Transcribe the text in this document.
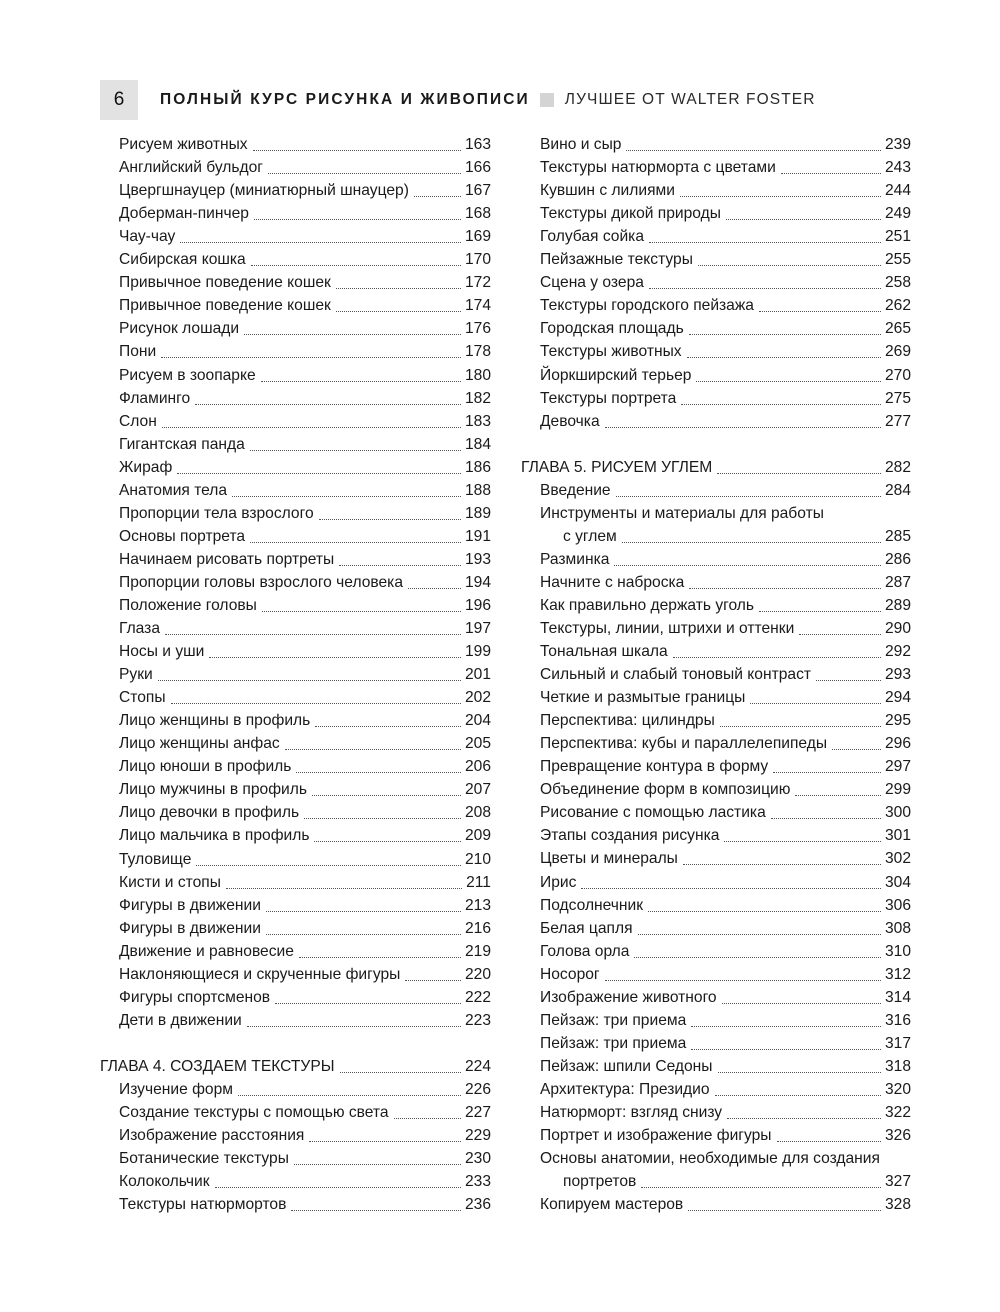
6	ПОЛНЫЙ КУРС РИСУНКА И ЖИВОПИСИ ЛУЧШЕЕ ОТ WALTER FOSTER
Рисуем животных	163
Английский бульдог	166
Цвергшнауцер (миниатюрный шнауцер)	167
Доберман-пинчер	168
Чау-чау	169
Сибирская кошка	170
Привычное поведение кошек	172
Привычное поведение кошек	174
Рисунок лошади	176
Пони	178
Рисуем в зоопарке	180
Фламинго	182
Слон	183
Гигантская панда	184
Жираф	186
Анатомия тела	188
Пропорции тела взрослого	189
Основы портрета	191
Начинаем рисовать портреты	193
Пропорции головы взрослого человека	194
Положение головы	196
Глаза	197
Носы и уши	199
Руки	201
Стопы	202
Лицо женщины в профиль	204
Лицо женщины анфас	205
Лицо юноши в профиль	206
Лицо мужчины в профиль	207
Лицо девочки в профиль	208
Лицо мальчика в профиль	209
Туловище	210
Кисти и стопы	211
Фигуры в движении	213
Фигуры в движении	216
Движение и равновесие	219
Наклоняющиеся и скрученные фигуры	220
Фигуры спортсменов	222
Дети в движении	223
ГЛАВА 4. СОЗДАЕМ ТЕКСТУРЫ	224
Изучение форм	226
Создание текстуры с помощью света	227
Изображение расстояния	229
Ботанические текстуры	230
Колокольчик	233
Текстуры натюрмортов	236
Вино и сыр	239
Текстуры натюрморта с цветами	243
Кувшин с лилиями	244
Текстуры дикой природы	249
Голубая сойка	251
Пейзажные текстуры	255
Сцена у озера	258
Текстуры городского пейзажа	262
Городская площадь	265
Текстуры животных	269
Йоркширский терьер	270
Текстуры портрета	275
Девочка	277
ГЛАВА 5. РИСУЕМ УГЛЕМ	282
Введение	284
Инструменты и материалы для работы
с углем	285
Разминка	286
Начните с наброска	287
Как правильно держать уголь	289
Текстуры, линии, штрихи и оттенки	290
Тональная шкала	292
Сильный и слабый тоновый контраст	293
Четкие и размытые границы	294
Перспектива: цилиндры	295
Перспектива: кубы и параллелепипеды	296
Превращение контура в форму	297
Объединение форм в композицию	299
Рисование с помощью ластика	300
Этапы создания рисунка	301
Цветы и минералы	302
Ирис	304
Подсолнечник	306
Белая цапля	308
Голова орла	310
Носорог	312
Изображение животного	314
Пейзаж: три приема	316
Пейзаж: три приема	317
Пейзаж: шпили Седоны	318
Архитектура: Президио	320
Натюрморт: взгляд снизу	322
Портрет и изображение фигуры	326
Основы анатомии, необходимые для создания
портретов	327
Копируем мастеров	328
